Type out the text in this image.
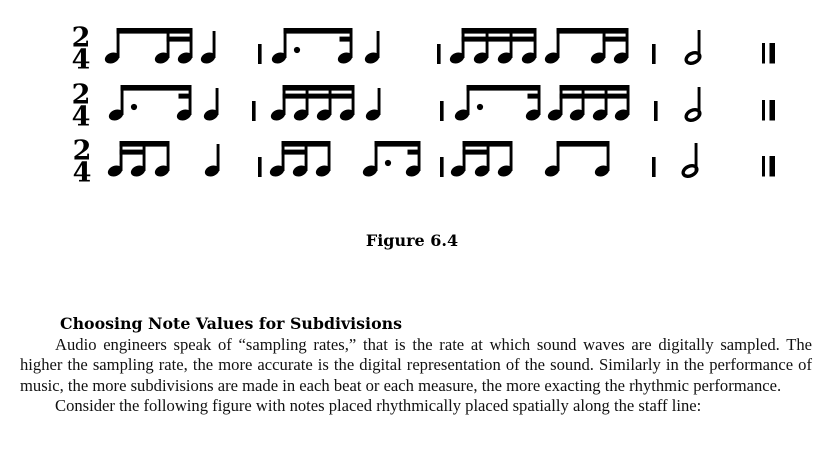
2
4
2
4
2
4
Figure 6.4
Choosing Note Values for Subdivisions

Audio engineers speak of “sampling rates,” that is the rate at which sound waves are digitally sampled. The higher the sampling rate, the more accurate is the digital representation of the sound. Similarly in the performance of music, the more subdivisions are made in each beat or each measure, the more exacting the rhythmic performance.

Consider the following figure with notes placed rhythmically placed spatially along the staff line:
